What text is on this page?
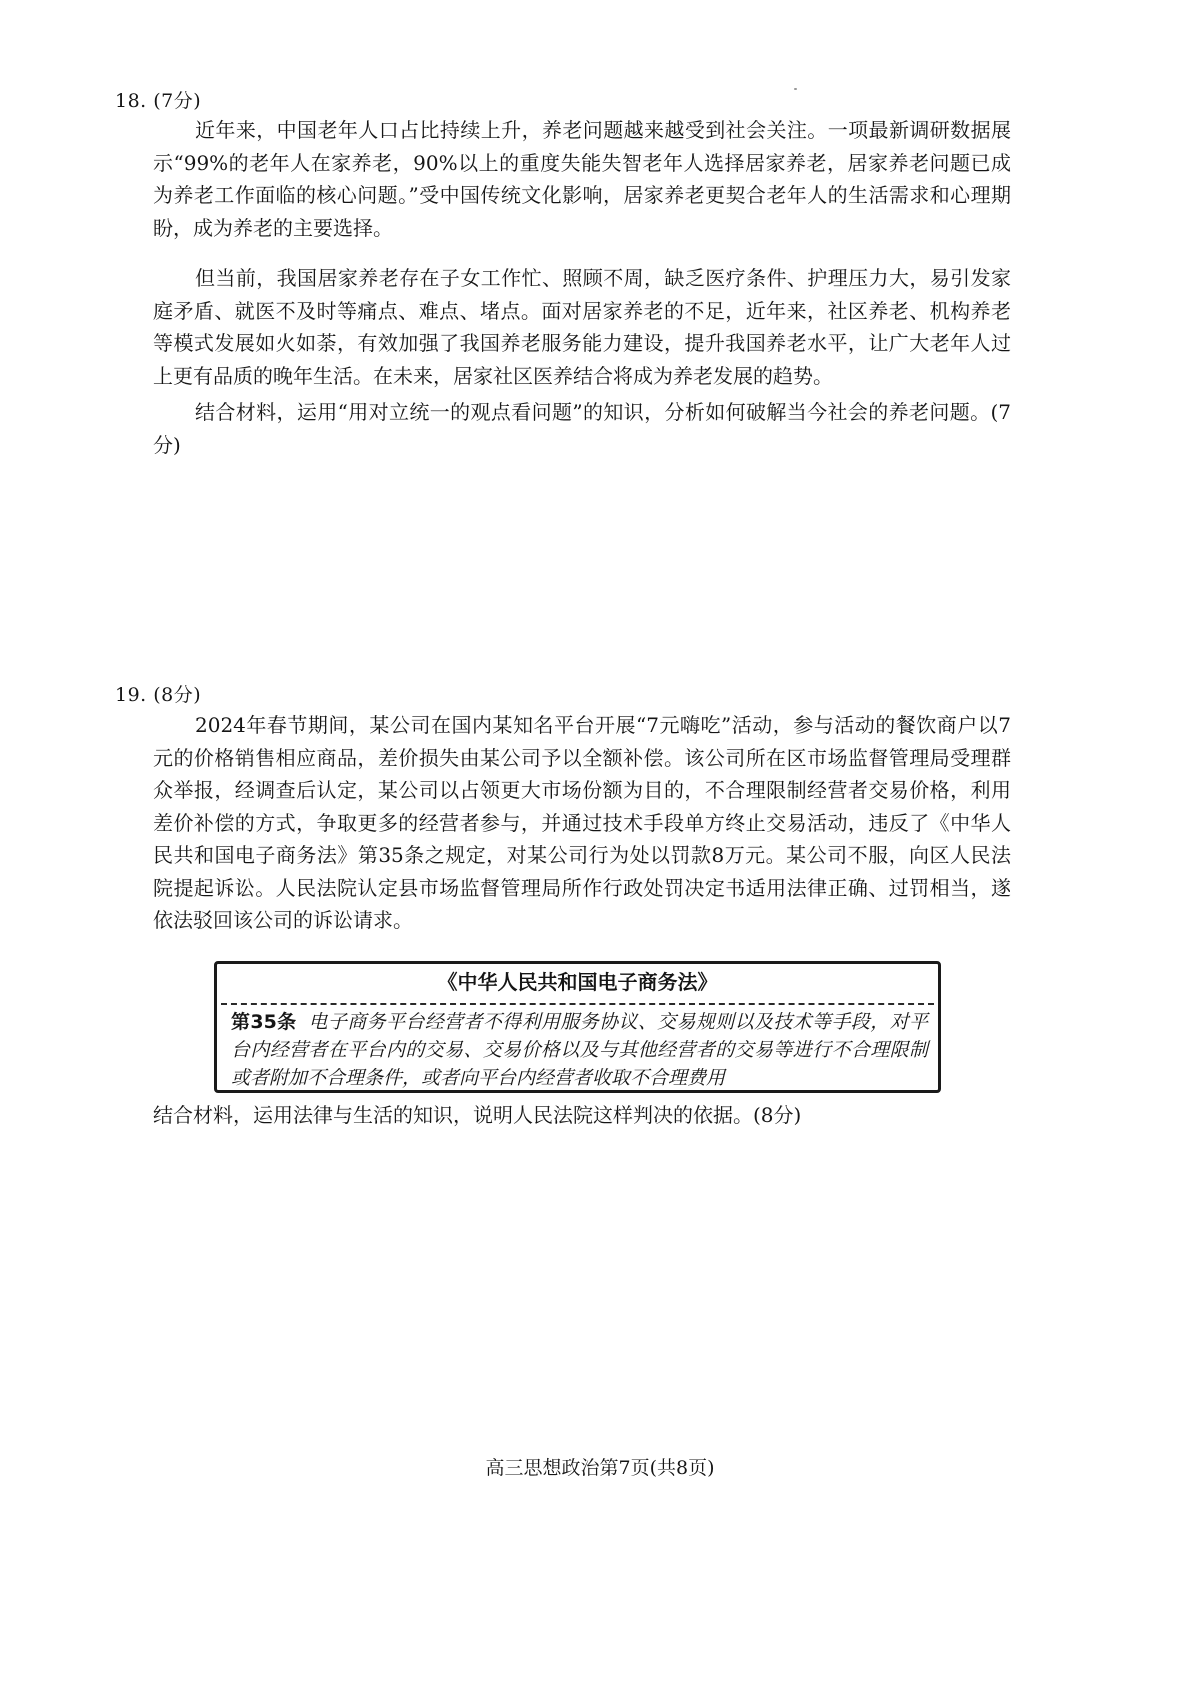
18. (7分)

近年来，中国老年人口占比持续上升，养老问题越来越受到社会关注。一项最新调研数据展示“99%的老年人在家养老，90%以上的重度失能失智老年人选择居家养老，居家养老问题已成为养老工作面临的核心问题。”受中国传统文化影响，居家养老更契合老年人的生活需求和心理期盼，成为养老的主要选择。

但当前，我国居家养老存在子女工作忙、照顾不周，缺乏医疗条件、护理压力大，易引发家庭矛盾、就医不及时等痛点、难点、堵点。面对居家养老的不足，近年来，社区养老、机构养老等模式发展如火如荼，有效加强了我国养老服务能力建设，提升我国养老水平，让广大老年人过上更有品质的晚年生活。在未来，居家社区医养结合将成为养老发展的趋势。

结合材料，运用“用对立统一的观点看问题”的知识，分析如何破解当今社会的养老问题。(7分)

19. (8分)

2024年春节期间，某公司在国内某知名平台开展“7元嗨吃”活动，参与活动的餐饮商户以7元的价格销售相应商品，差价损失由某公司予以全额补偿。该公司所在区市场监督管理局受理群众举报，经调查后认定，某公司以占领更大市场份额为目的，不合理限制经营者交易价格，利用差价补偿的方式，争取更多的经营者参与，并通过技术手段单方终止交易活动，违反了《中华人民共和国电子商务法》第35条之规定，对某公司行为处以罚款8万元。某公司不服，向区人民法院提起诉讼。人民法院认定县市场监督管理局所作行政处罚决定书适用法律正确、过罚相当，遂依法驳回该公司的诉讼请求。

《中华人民共和国电子商务法》
第35条 电子商务平台经营者不得利用服务协议、交易规则以及技术等手段，对平台内经营者在平台内的交易、交易价格以及与其他经营者的交易等进行不合理限制或者附加不合理条件，或者向平台内经营者收取不合理费用

结合材料，运用法律与生活的知识，说明人民法院这样判决的依据。(8分)

高三思想政治第7页(共8页)
